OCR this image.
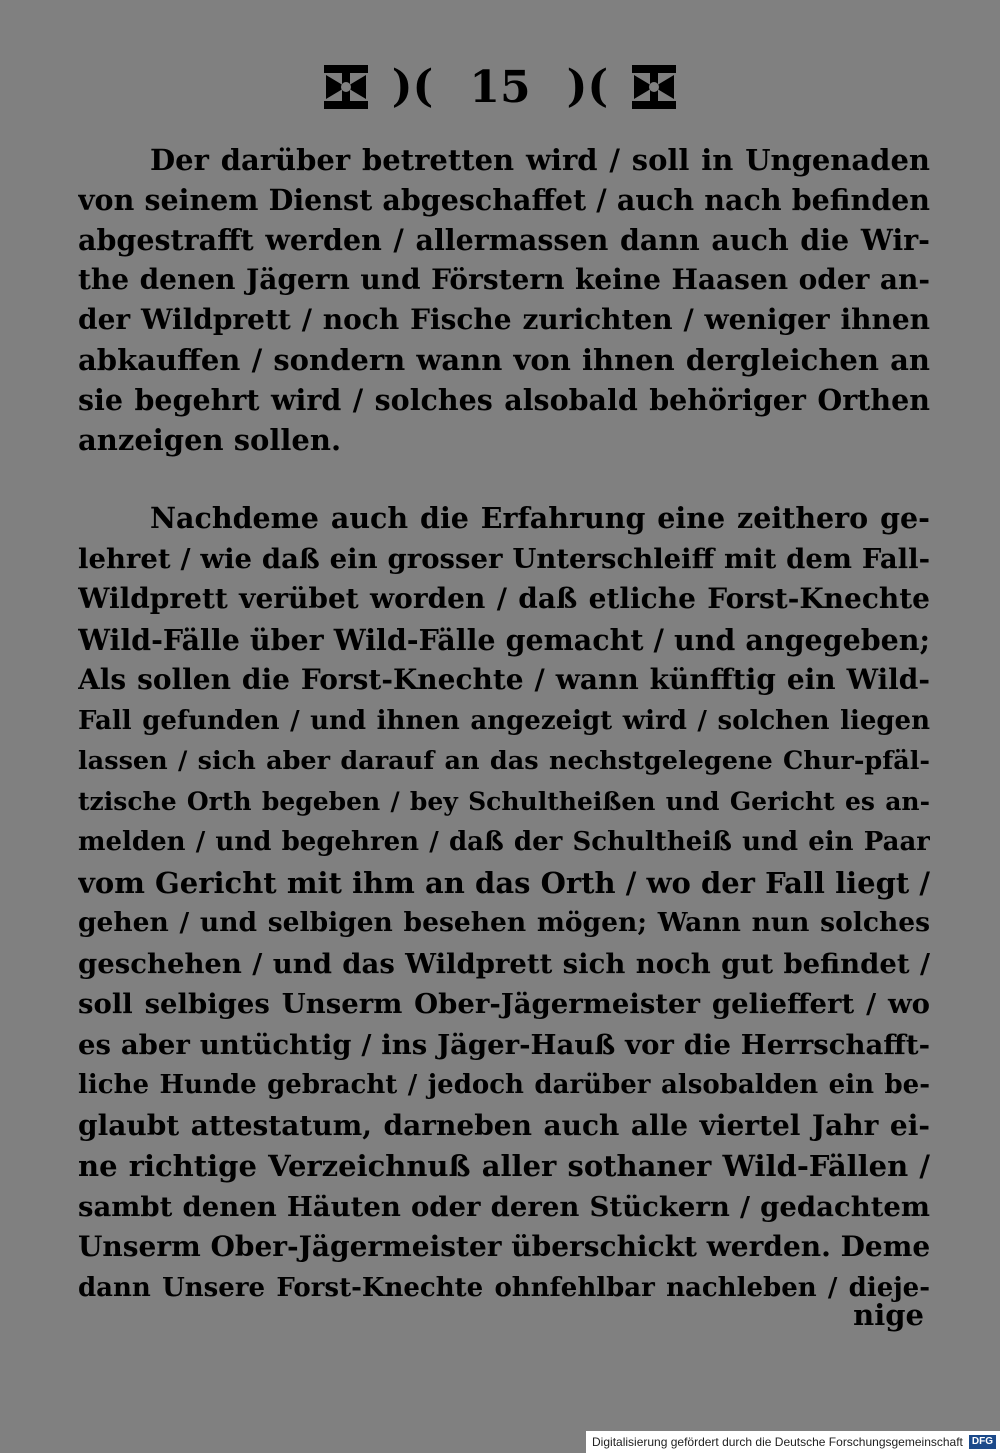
)( 15 )(
Der darüber betretten wird / soll in Ungenaden
von seinem Dienst abgeschaffet / auch nach befinden
abgestrafft werden / allermassen dann auch die Wir-
the denen Jägern und Förstern keine Haasen oder an-
der Wildprett / noch Fische zurichten / weniger ihnen
abkauffen / sondern wann von ihnen dergleichen an
sie begehrt wird / solches alsobald behöriger Orthen
anzeigen sollen.
Nachdeme auch die Erfahrung eine zeithero ge-
lehret / wie daß ein grosser Unterschleiff mit dem Fall-
Wildprett verübet worden / daß etliche Forst-Knechte
Wild-Fälle über Wild-Fälle gemacht / und angegeben;
Als sollen die Forst-Knechte / wann künfftig ein Wild-
Fall gefunden / und ihnen angezeigt wird / solchen liegen
lassen / sich aber darauf an das nechstgelegene Chur-pfäl-
tzische Orth begeben / bey Schultheißen und Gericht es an-
melden / und begehren / daß der Schultheiß und ein Paar
vom Gericht mit ihm an das Orth / wo der Fall liegt /
gehen / und selbigen besehen mögen; Wann nun solches
geschehen / und das Wildprett sich noch gut befindet /
soll selbiges Unserm Ober-Jägermeister gelieffert / wo
es aber untüchtig / ins Jäger-Hauß vor die Herrschafft-
liche Hunde gebracht / jedoch darüber alsobalden ein be-
glaubt attestatum, darneben auch alle viertel Jahr ei-
ne richtige Verzeichnuß aller sothaner Wild-Fällen /
sambt denen Häuten oder deren Stückern / gedachtem
Unserm Ober-Jägermeister überschickt werden. Deme
dann Unsere Forst-Knechte ohnfehlbar nachleben / dieje-
nige
Digitalisierung gefördert durch die Deutsche Forschungsgemeinschaft DFG
